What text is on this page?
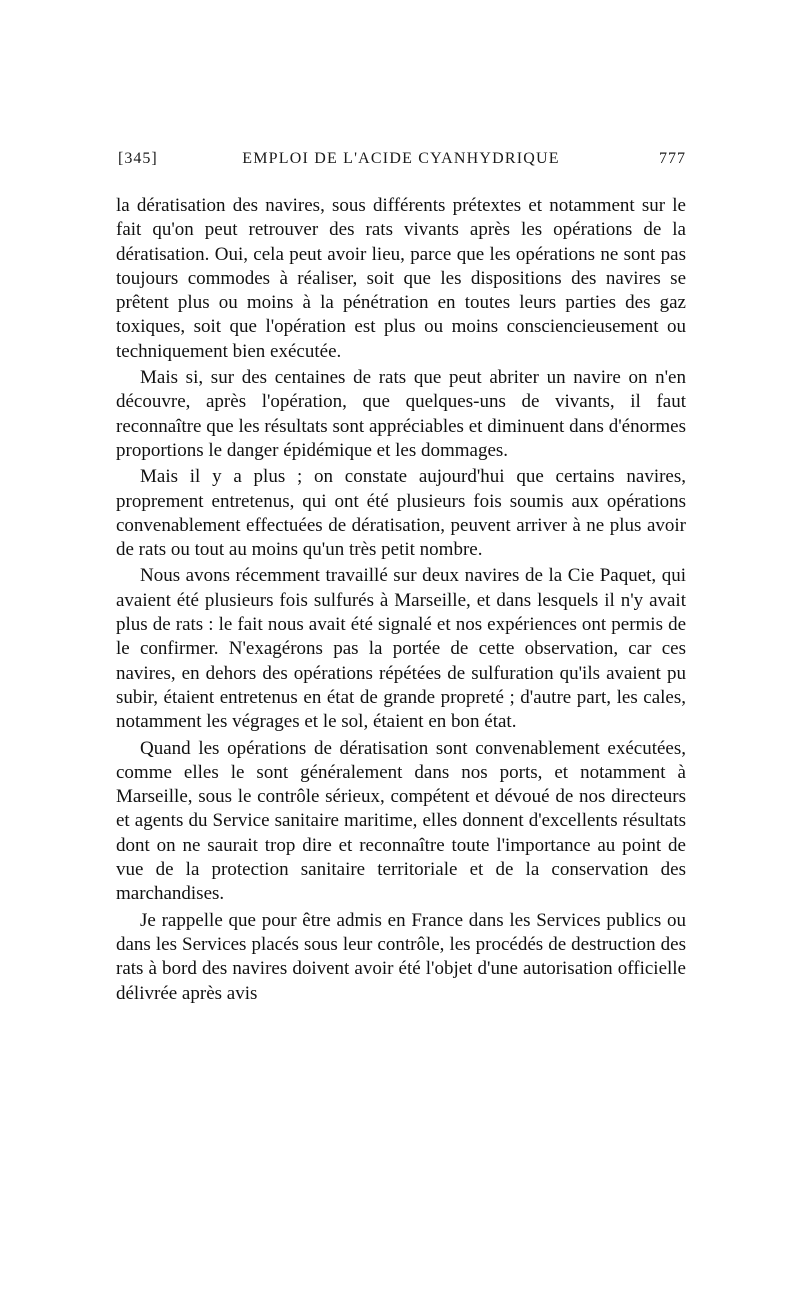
[345]	EMPLOI DE L'ACIDE CYANHYDRIQUE	777

la dératisation des navires, sous différents prétextes et notamment sur le fait qu'on peut retrouver des rats vivants après les opérations de la dératisation. Oui, cela peut avoir lieu, parce que les opérations ne sont pas toujours commodes à réaliser, soit que les dispositions des navires se prêtent plus ou moins à la pénétration en toutes leurs parties des gaz toxiques, soit que l'opération est plus ou moins consciencieusement ou techniquement bien exécutée.

Mais si, sur des centaines de rats que peut abriter un navire on n'en découvre, après l'opération, que quelques-uns de vivants, il faut reconnaître que les résultats sont appréciables et diminuent dans d'énormes proportions le danger épidémique et les dommages.

Mais il y a plus ; on constate aujourd'hui que certains navires, proprement entretenus, qui ont été plusieurs fois soumis aux opérations convenablement effectuées de dératisation, peuvent arriver à ne plus avoir de rats ou tout au moins qu'un très petit nombre.

Nous avons récemment travaillé sur deux navires de la Cie Paquet, qui avaient été plusieurs fois sulfurés à Marseille, et dans lesquels il n'y avait plus de rats : le fait nous avait été signalé et nos expériences ont permis de le confirmer. N'exagérons pas la portée de cette observation, car ces navires, en dehors des opérations répétées de sulfuration qu'ils avaient pu subir, étaient entretenus en état de grande propreté ; d'autre part, les cales, notamment les végrages et le sol, étaient en bon état.

Quand les opérations de dératisation sont convenablement exécutées, comme elles le sont généralement dans nos ports, et notamment à Marseille, sous le contrôle sérieux, compétent et dévoué de nos directeurs et agents du Service sanitaire maritime, elles donnent d'excellents résultats dont on ne saurait trop dire et reconnaître toute l'importance au point de vue de la protection sanitaire territoriale et de la conservation des marchandises.

Je rappelle que pour être admis en France dans les Services publics ou dans les Services placés sous leur contrôle, les procédés de destruction des rats à bord des navires doivent avoir été l'objet d'une autorisation officielle délivrée après avis
